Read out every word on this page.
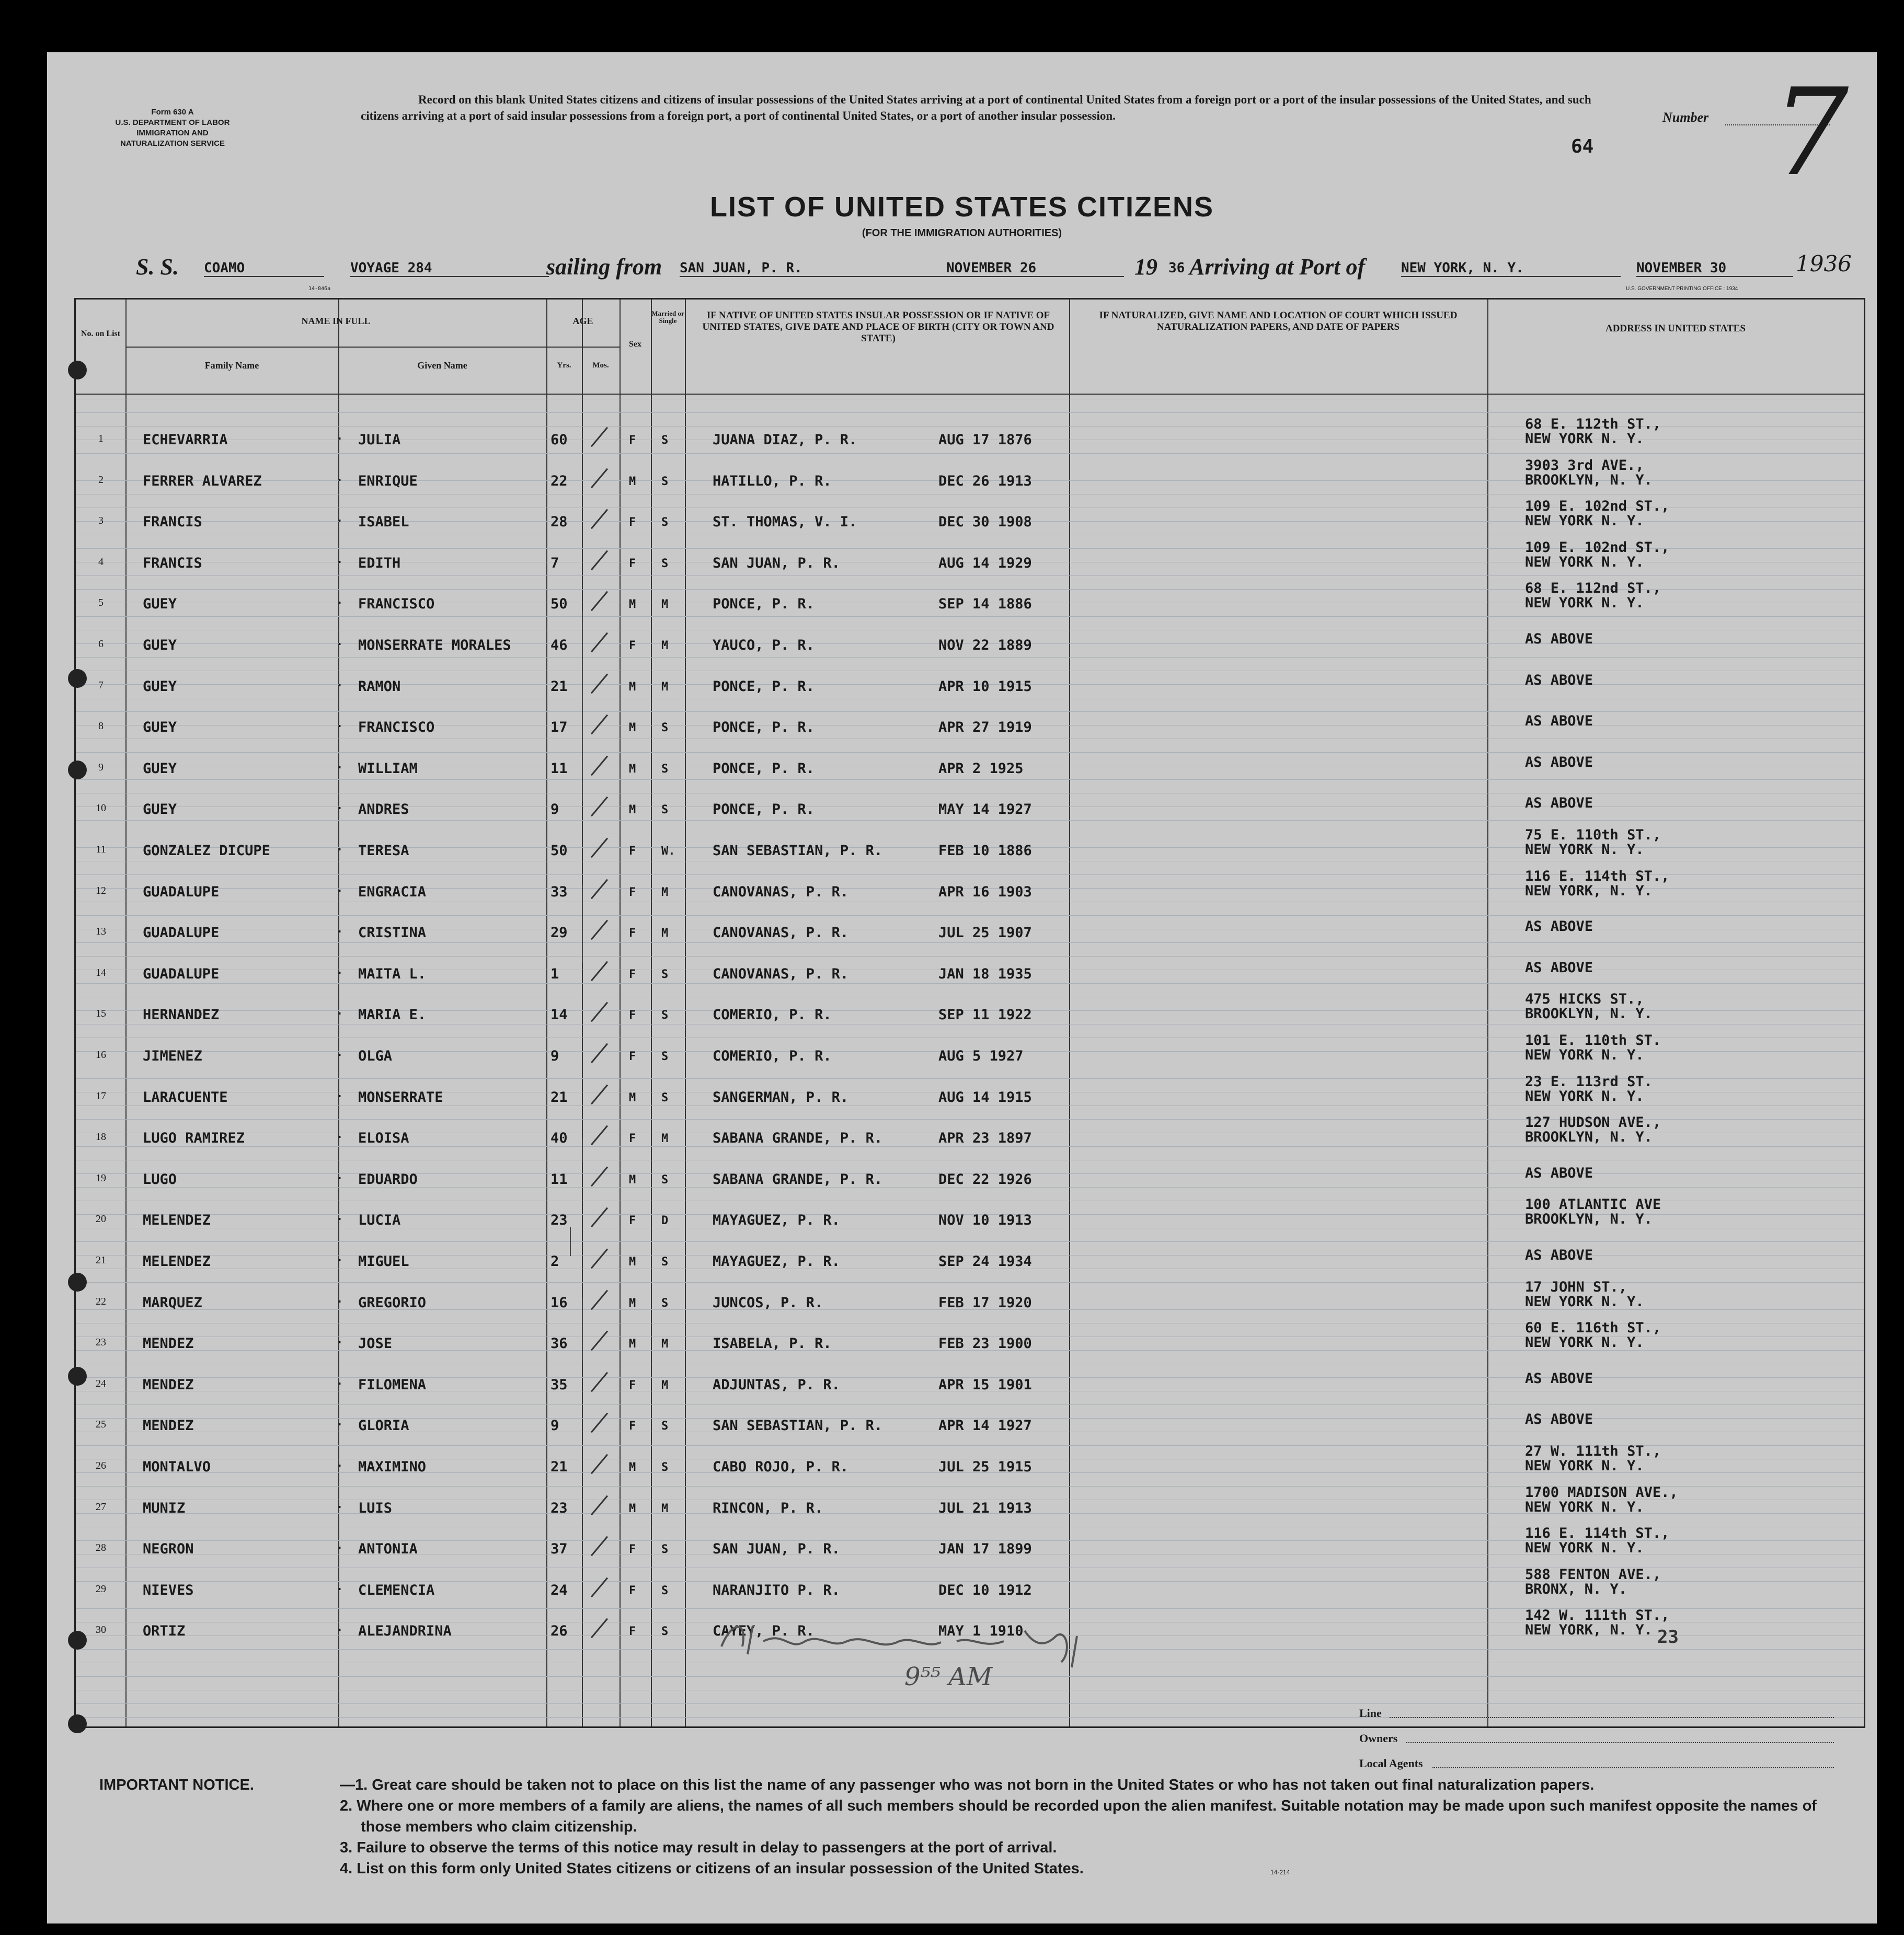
Form 630 A
U.S. DEPARTMENT OF LABOR
IMMIGRATION AND
NATURALIZATION SERVICE
Record on this blank United States citizens and citizens of insular possessions of the United States arriving at a port of continental United States from a foreign port or a port of the insular possessions of the United States, and such citizens arriving at a port of said insular possessions from a foreign port, a port of continental United States, or a port of another insular possession.	Number 7
64
LIST OF UNITED STATES CITIZENS
(FOR THE IMMIGRATION AUTHORITIES)
S. S. COAMO	VOYAGE 284	sailing from SAN JUAN, P. R.	NOVEMBER 26	19 36 Arriving at Port of	NEW YORK, N. Y.	NOVEMBER 30	1936
14-846a	U.S. GOVERNMENT PRINTING OFFICE : 1934
No. on List
NAME IN FULL
Family Name	Given Name
AGE
Yrs.	Mos.
Sex
Married or Single	IF NATIVE OF UNITED STATES INSULAR POSSESSION OR IF NATIVE OF UNITED STATES, GIVE DATE AND PLACE OF BIRTH (CITY OR TOWN AND STATE)
IF NATURALIZED, GIVE NAME AND LOCATION OF COURT WHICH ISSUED NATURALIZATION PAPERS, AND DATE OF PAPERS	ADDRESS IN UNITED STATES
1	ECHEVARRIA	. JULIA	60	F S	JUANA DIAZ, P. R.	AUG 17 1876
68 E. 112th ST.,
NEW YORK N. Y.
2	FERRER ALVAREZ	. ENRIQUE	22	M S	HATILLO, P. R.	DEC 26 1913
3903 3rd AVE.,
BROOKLYN, N. Y.
3	FRANCIS	. ISABEL	28	F S	ST. THOMAS, V. I.	DEC 30 1908
109 E. 102nd ST.,
NEW YORK N. Y.
4	FRANCIS	. EDITH	7	F S	SAN JUAN, P. R.	AUG 14 1929
109 E. 102nd ST.,
NEW YORK N. Y.
5	GUEY	. FRANCISCO	50	M M	PONCE, P. R.	SEP 14 1886
68 E. 112nd ST.,
NEW YORK N. Y.
6	GUEY	. MONSERRATE MORALES	46	F M	YAUCO, P. R.	NOV 22 1889	AS ABOVE
7	GUEY	. RAMON	21	M M	PONCE, P. R.	APR 10 1915	AS ABOVE
8	GUEY	. FRANCISCO	17	M S	PONCE, P. R.	APR 27 1919	AS ABOVE
9	GUEY	. WILLIAM	11	M S	PONCE, P. R.	APR 2 1925	AS ABOVE
10	GUEY	. ANDRES	9	M S	PONCE, P. R.	MAY 14 1927	AS ABOVE
11	GONZALEZ DICUPE	. TERESA	50	F W.	SAN SEBASTIAN, P. R.	FEB 10 1886
75 E. 110th ST.,
NEW YORK N. Y.
12	GUADALUPE	. ENGRACIA	33	F M	CANOVANAS, P. R.	APR 16 1903
116 E. 114th ST.,
NEW YORK, N. Y.
13	GUADALUPE	. CRISTINA	29	F M	CANOVANAS, P. R.	JUL 25 1907	AS ABOVE
14	GUADALUPE	. MAITA L.	1	F S	CANOVANAS, P. R.	JAN 18 1935	AS ABOVE
15	HERNANDEZ	. MARIA E.	14	F S	COMERIO, P. R.	SEP 11 1922
475 HICKS ST.,
BROOKLYN, N. Y.
16	JIMENEZ	. OLGA	9	F S	COMERIO, P. R.	AUG 5 1927
101 E. 110th ST.
NEW YORK N. Y.
17	LARACUENTE	. MONSERRATE	21	M S	SANGERMAN, P. R.	AUG 14 1915
23 E. 113rd ST.
NEW YORK N. Y.
18	LUGO RAMIREZ	. ELOISA	40	F M	SABANA GRANDE, P. R.	APR 23 1897
127 HUDSON AVE.,
BROOKLYN, N. Y.
19	LUGO	. EDUARDO	11	M S	SABANA GRANDE, P. R.	DEC 22 1926	AS ABOVE
20	MELENDEZ	. LUCIA	23	F D	MAYAGUEZ, P. R.	NOV 10 1913
100 ATLANTIC AVE
BROOKLYN, N. Y.
21	MELENDEZ	. MIGUEL	2	M S	MAYAGUEZ, P. R.	SEP 24 1934	AS ABOVE
22	MARQUEZ	. GREGORIO	16	M S	JUNCOS, P. R.	FEB 17 1920
17 JOHN ST.,
NEW YORK N. Y.
23	MENDEZ	. JOSE	36	M M	ISABELA, P. R.	FEB 23 1900
60 E. 116th ST.,
NEW YORK N. Y.
24	MENDEZ	. FILOMENA	35	F M	ADJUNTAS, P. R.	APR 15 1901	AS ABOVE
25	MENDEZ	. GLORIA	9	F S	SAN SEBASTIAN, P. R.	APR 14 1927	AS ABOVE
26	MONTALVO	. MAXIMINO	21	M S	CABO ROJO, P. R.	JUL 25 1915
27 W. 111th ST.,
NEW YORK N. Y.
27	MUNIZ	. LUIS	23	M M	RINCON, P. R.	JUL 21 1913
1700 MADISON AVE.,
NEW YORK N. Y.
28	NEGRON	. ANTONIA	37	F S	SAN JUAN, P. R.	JAN 17 1899
116 E. 114th ST.,
NEW YORK N. Y.
29	NIEVES	. CLEMENCIA	24	F S	NARANJITO P. R.	DEC 10 1912
588 FENTON AVE.,
BRONX, N. Y.
30	ORTIZ	. ALEJANDRINA	26	F S	CAYEY, P. R.	MAY 1 1910
142 W. 111th ST.,
NEW YORK, N. Y.
9⁵⁵ AM
23
Line
Owners
Local Agents
IMPORTANT NOTICE.	—1. Great care should be taken not to place on this list the name of any passenger who was not born in the United States or who has not taken out final naturalization papers.
2. Where one or more members of a family are aliens, the names of all such members should be recorded upon the alien manifest. Suitable notation may be made upon such manifest opposite the names of those members who claim citizenship.
3. Failure to observe the terms of this notice may result in delay to passengers at the port of arrival.
4. List on this form only United States citizens or citizens of an insular possession of the United States.	14-214
